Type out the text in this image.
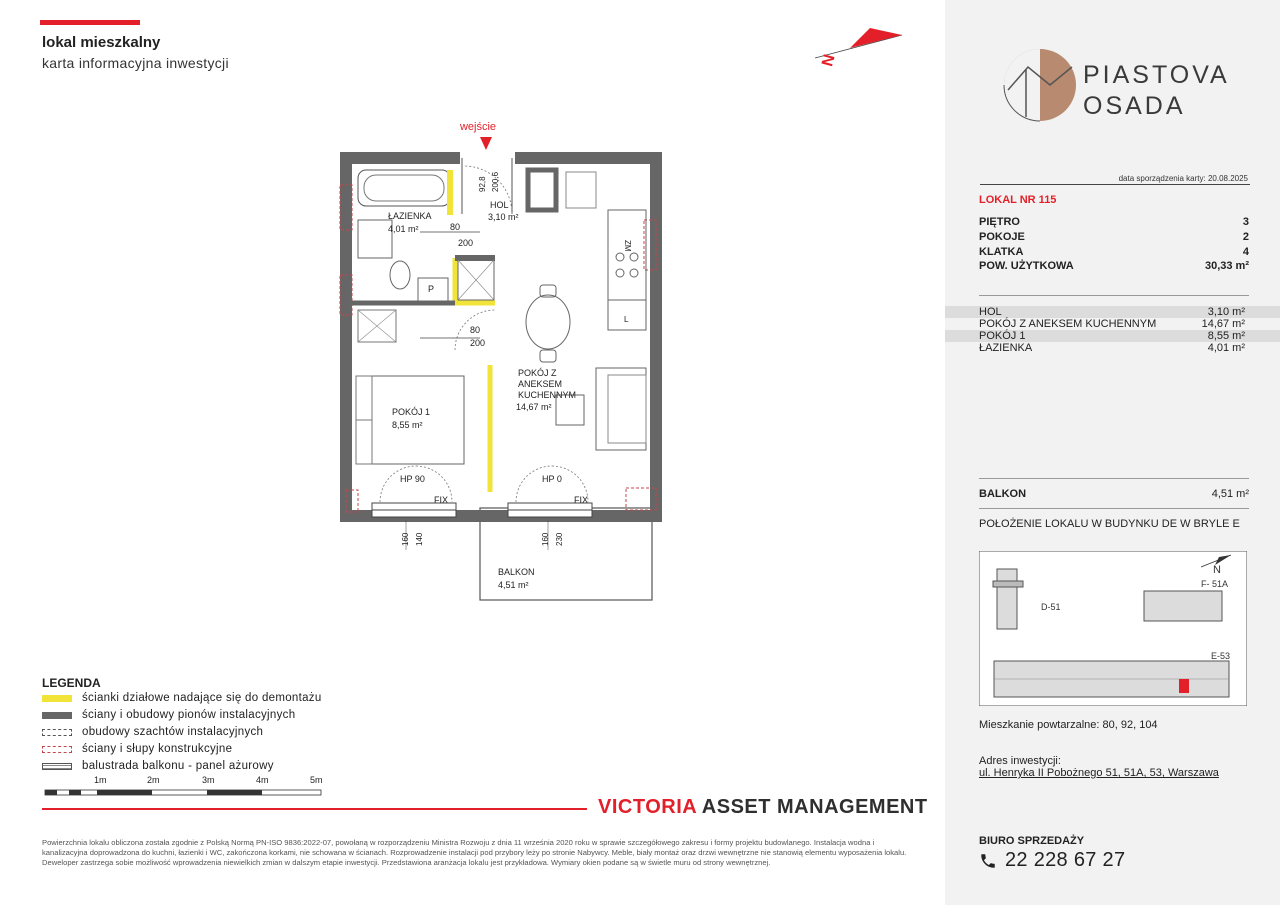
lokal mieszkalny
karta informacyjna inwestycji	N
wejście
92,8 200,6
HOL
3,10 m²
ŁAZIENKA
4,01 m²	80
200
80
200
P
ZM
L
POKÓJ Z
ANEKSEM
KUCHENNYM
14,67 m²
POKÓJ 1
8,55 m²
HP 90	HP 0
FIX	FIX
160 140	160 230
BALKON
4,51 m²
LEGENDA
ścianki działowe nadające się do demontażu
ściany i obudowy pionów instalacyjnych
obudowy szachtów instalacyjnych
ściany i słupy konstrukcyjne
balustrada balkonu - panel ażurowy
1m	2m	3m	4m	5m
VICTORIA ASSET MANAGEMENT
Powierzchnia lokalu obliczona została zgodnie z Polską Normą PN-ISO 9836:2022-07, powołaną w rozporządzeniu Ministra Rozwoju z dnia 11 września 2020 roku w sprawie szczegółowego zakresu i formy projektu budowlanego. Instalacja wodna i kanalizacyjna doprowadzona do kuchni, łazienki i WC, zakończona korkami, nie schowana w ścianach. Rozprowadzenie instalacji pod przybory leży po stronie Nabywcy. Meble, biały montaż oraz drzwi wewnętrzne nie stanowią elementu wyposażenia lokalu. Deweloper zastrzega sobie możliwość wprowadzenia niewielkich zmian w dalszym etapie inwestycji. Przedstawiona aranżacja lokalu jest przykładowa. Wymiary okien podane są w świetle muru od strony wewnętrznej.
PIASTOVA
OSADA
data sporządzenia karty: 20.08.2025
LOKAL NR 115
PIĘTRO	3
POKOJE	2
KLATKA	4
POW. UŻYTKOWA	30,33 m²
HOL	3,10 m²
POKÓJ Z ANEKSEM KUCHENNYM	14,67 m²
POKÓJ 1	8,55 m²
ŁAZIENKA	4,01 m²
BALKON	4,51 m²
POŁOŻENIE LOKALU W BUDYNKU DE W BRYLE E
N
D-51
F- 51A
E-53
Mieszkanie powtarzalne: 80, 92, 104
Adres inwestycji:
ul. Henryka II Pobożnego 51, 51A, 53, Warszawa
BIURO SPRZEDAŻY
22 228 67 27
